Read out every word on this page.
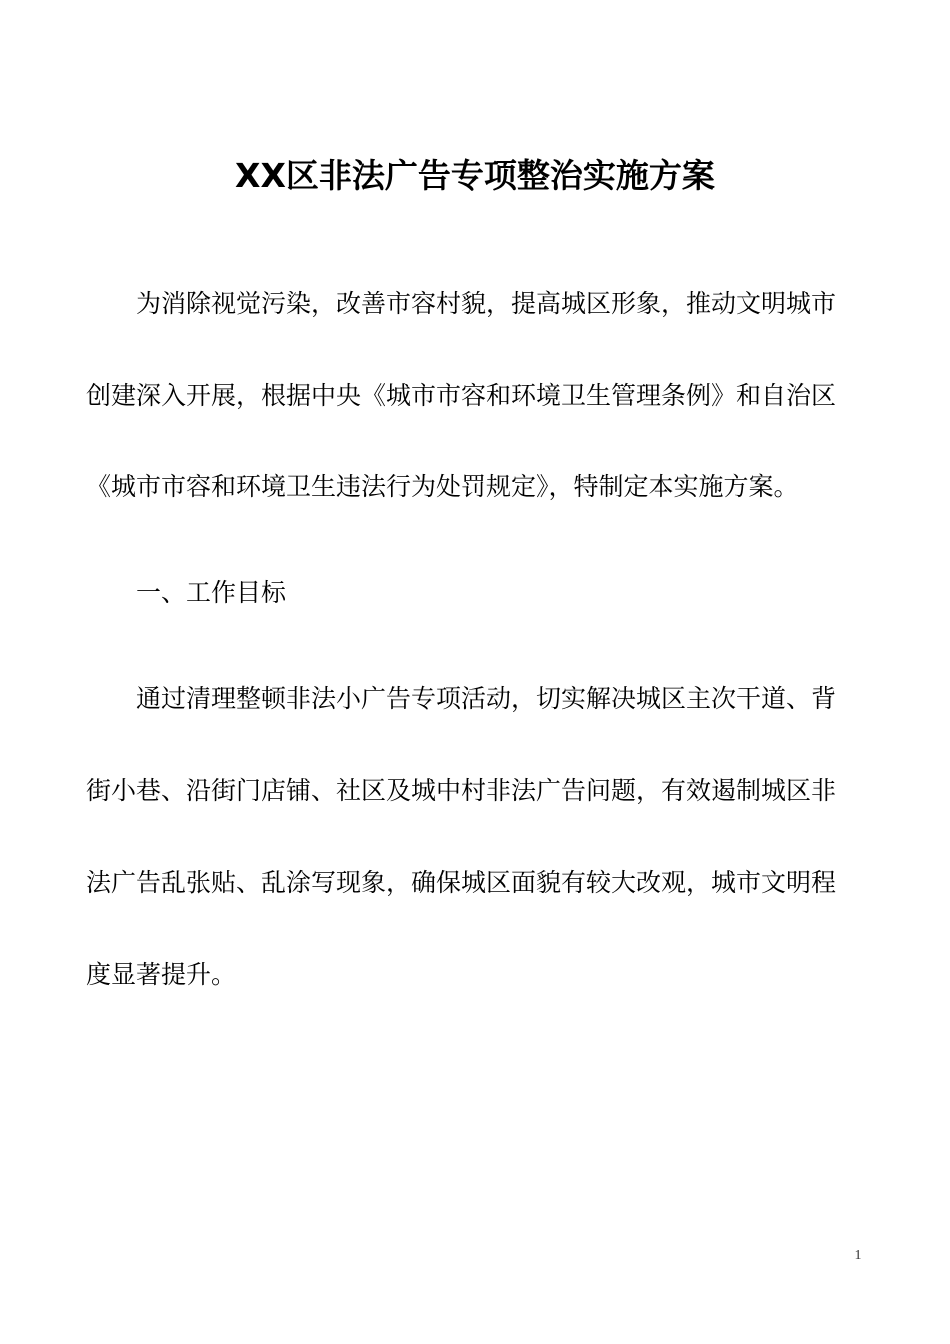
XX区非法广告专项整治实施方案
为消除视觉污染，改善市容村貌，提高城区形象，推动文明城市
创建深入开展，根据中央《城市市容和环境卫生管理条例》和自治区
《城市市容和环境卫生违法行为处罚规定》，特制定本实施方案。
一、工作目标
通过清理整顿非法小广告专项活动，切实解决城区主次干道、背
街小巷、沿街门店铺、社区及城中村非法广告问题，有效遏制城区非
法广告乱张贴、乱涂写现象，确保城区面貌有较大改观，城市文明程
度显著提升。
1
